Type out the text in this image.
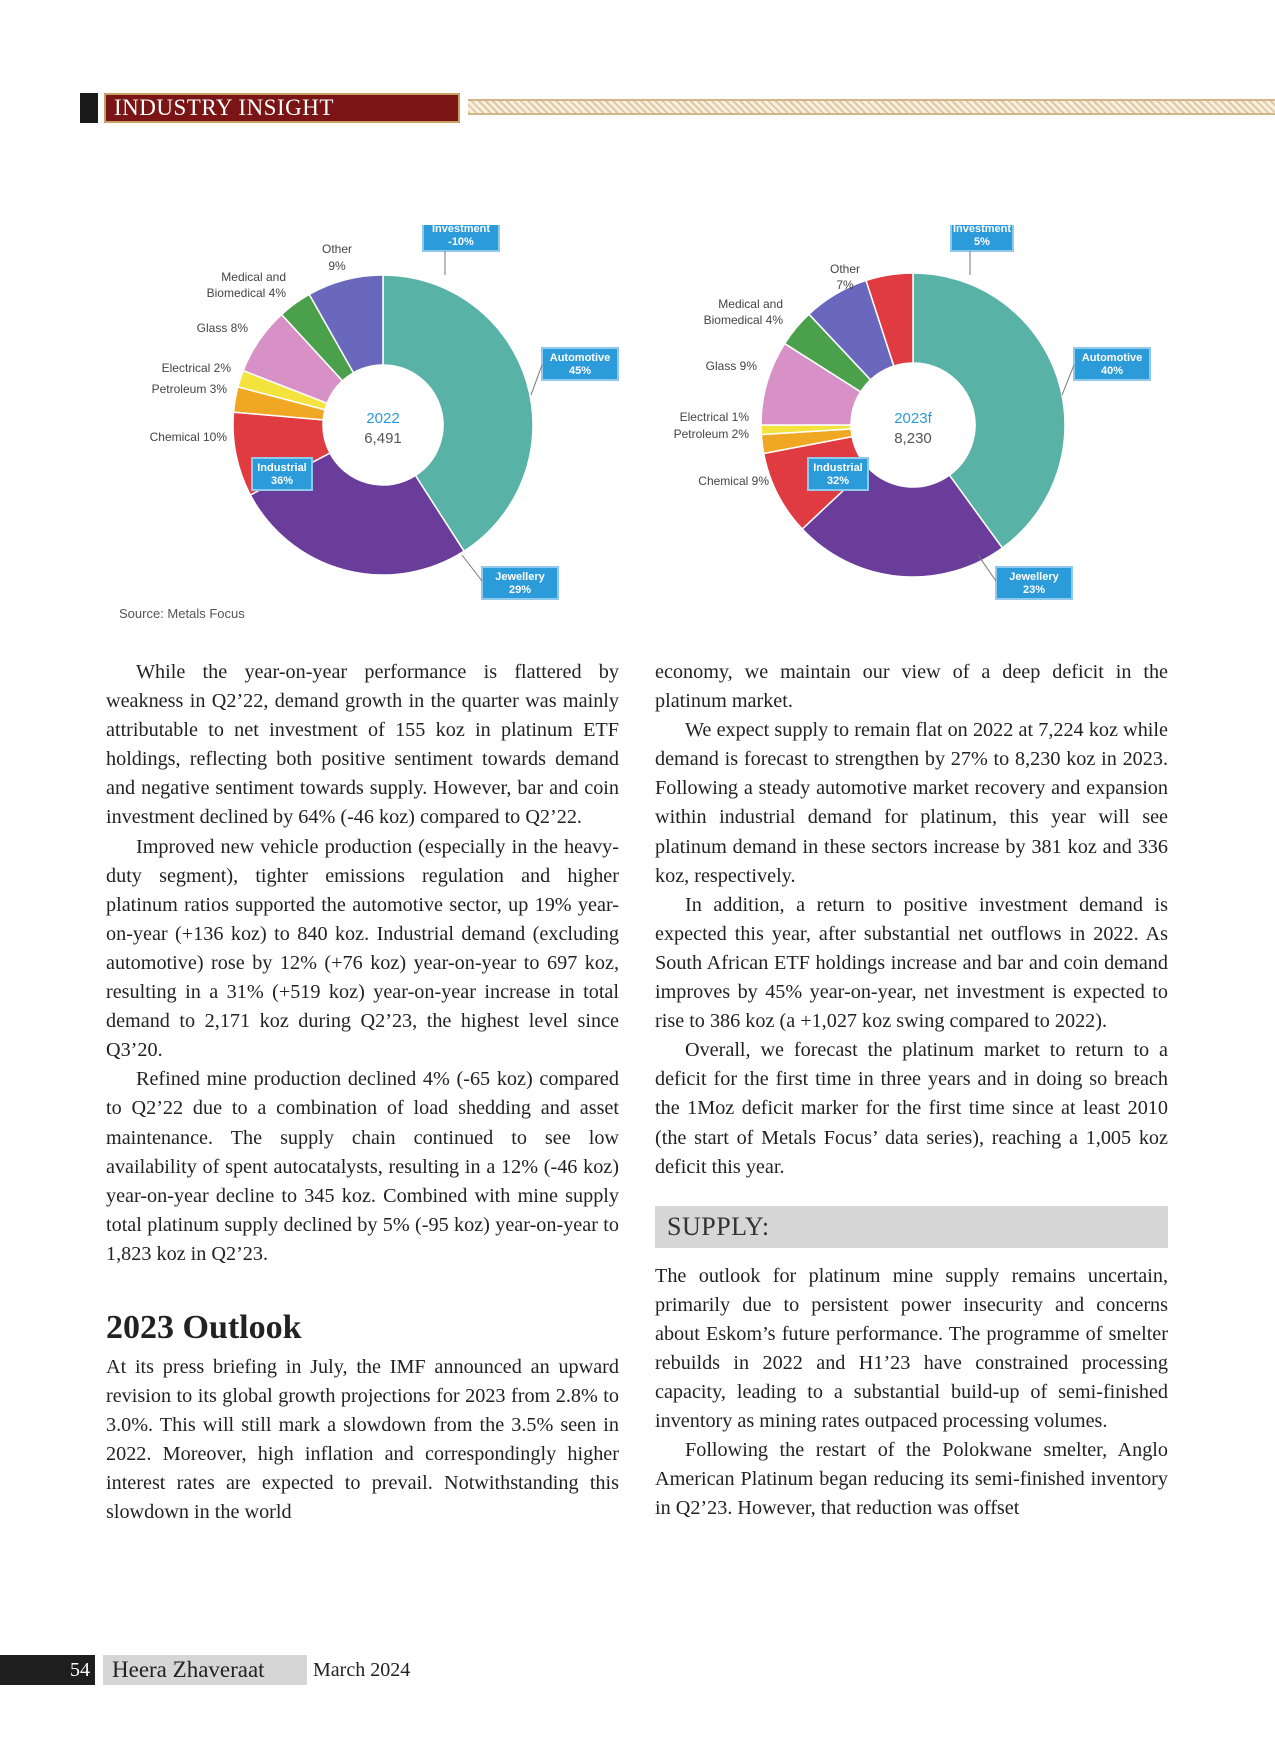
INDUSTRY INSIGHT
2022
6,491
Investment
-10%
Automotive
45%
Jewellery
29%
Industrial
36%
Other
9%
Medical and
Biomedical 4%
Glass 8%
Electrical 2%
Petroleum 3%
Chemical 10%
2023f
8,230
Investment
5%
Automotive
40%
Jewellery
23%
Industrial
32%
Other
7%
Medical and
Biomedical 4%
Glass 9%
Electrical 1%
Petroleum 2%
Chemical 9%
Source: Metals Focus

While the year-on-year performance is flattered by weakness in Q2’22, demand growth in the quarter was mainly attributable to net investment of 155 koz in platinum ETF holdings, reflecting both positive sentiment towards demand and negative sentiment towards supply. However, bar and coin investment declined by 64% (-46 koz) compared to Q2’22.

Improved new vehicle production (especially in the heavy-duty segment), tighter emissions regulation and higher platinum ratios supported the automotive sector, up 19% year-on-year (+136 koz) to 840 koz. Industrial demand (excluding automotive) rose by 12% (+76 koz) year-on-year to 697 koz, resulting in a 31% (+519 koz) year-on-year increase in total demand to 2,171 koz during Q2’23, the highest level since Q3’20.

Refined mine production declined 4% (-65 koz) compared to Q2’22 due to a combination of load shedding and asset maintenance. The supply chain continued to see low availability of spent autocatalysts, resulting in a 12% (-46 koz) year-on-year decline to 345 koz. Combined with mine supply total platinum supply declined by 5% (-95 koz) year-on-year to 1,823 koz in Q2’23.

2023 Outlook

At its press briefing in July, the IMF announced an upward revision to its global growth projections for 2023 from 2.8% to 3.0%. This will still mark a slowdown from the 3.5% seen in 2022. Moreover, high inflation and correspondingly higher interest rates are expected to prevail. Notwithstanding this slowdown in the world

economy, we maintain our view of a deep deficit in the platinum market.

We expect supply to remain flat on 2022 at 7,224 koz while demand is forecast to strengthen by 27% to 8,230 koz in 2023. Following a steady automotive market recovery and expansion within industrial demand for platinum, this year will see platinum demand in these sectors increase by 381 koz and 336 koz, respectively.

In addition, a return to positive investment demand is expected this year, after substantial net outflows in 2022. As South African ETF holdings increase and bar and coin demand improves by 45% year-on-year, net investment is expected to rise to 386 koz (a +1,027 koz swing compared to 2022).

Overall, we forecast the platinum market to return to a deficit for the first time in three years and in doing so breach the 1Moz deficit marker for the first time since at least 2010 (the start of Metals Focus’ data series), reaching a 1,005 koz deficit this year.

SUPPLY:

The outlook for platinum mine supply remains uncertain, primarily due to persistent power insecurity and concerns about Eskom’s future performance. The programme of smelter rebuilds in 2022 and H1’23 have constrained processing capacity, leading to a substantial build-up of semi-finished inventory as mining rates outpaced processing volumes.

Following the restart of the Polokwane smelter, Anglo American Platinum began reducing its semi-finished inventory in Q2’23. However, that reduction was offset

54 Heera Zhaveraat	March 2024
